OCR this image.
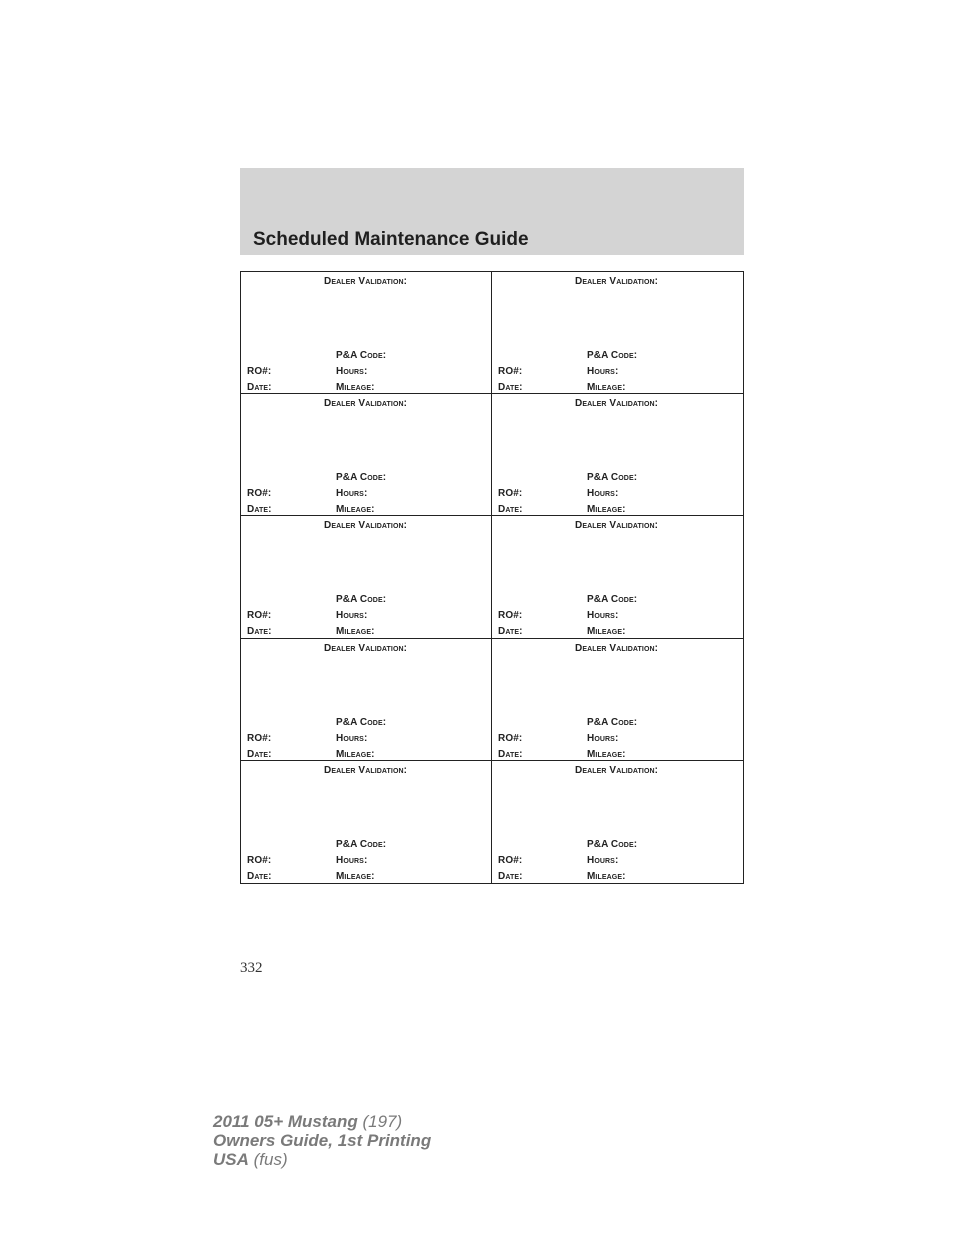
Scheduled Maintenance Guide
Dealer Validation:
P&A Code:
RO#:	Hours:
Date:	Mileage:
Dealer Validation:
P&A Code:
RO#:	Hours:
Date:	Mileage:
Dealer Validation:
P&A Code:
RO#:	Hours:
Date:	Mileage:
Dealer Validation:
P&A Code:
RO#:	Hours:
Date:	Mileage:
Dealer Validation:
P&A Code:
RO#:	Hours:
Date:	Mileage:
Dealer Validation:
P&A Code:
RO#:	Hours:
Date:	Mileage:
Dealer Validation:
P&A Code:
RO#:	Hours:
Date:	Mileage:
Dealer Validation:
P&A Code:
RO#:	Hours:
Date:	Mileage:
Dealer Validation:
P&A Code:
RO#:	Hours:
Date:	Mileage:
Dealer Validation:
P&A Code:
RO#:	Hours:
Date:	Mileage:
332
2011 05+ Mustang (197)
Owners Guide, 1st Printing
USA (fus)
